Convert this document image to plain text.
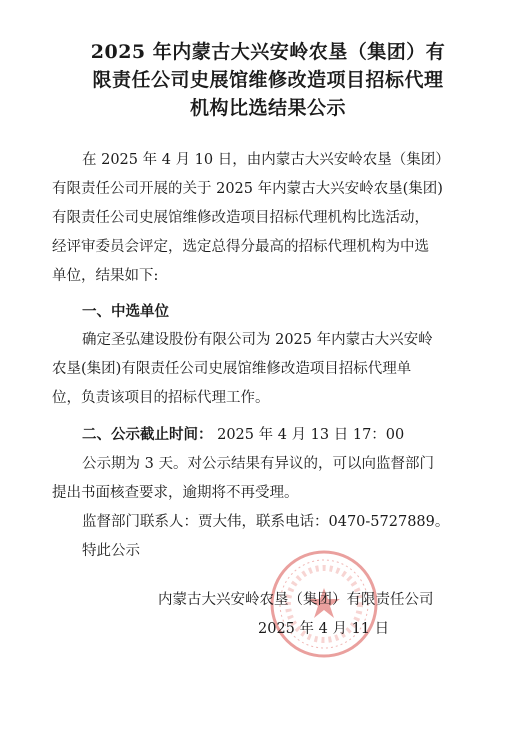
2025 年内蒙古大兴安岭农垦（集团）有
限责任公司史展馆维修改造项目招标代理
机构比选结果公示
在 2025 年 4 月 10 日，由内蒙古大兴安岭农垦（集团）
有限责任公司开展的关于 2025 年内蒙古大兴安岭农垦(集团)
有限责任公司史展馆维修改造项目招标代理机构比选活动，
经评审委员会评定，选定总得分最高的招标代理机构为中选
单位，结果如下:
一、中选单位
确定圣弘建设股份有限公司为 2025 年内蒙古大兴安岭
农垦(集团)有限责任公司史展馆维修改造项目招标代理单
位，负责该项目的招标代理工作。
二、公示截止时间： 2025 年 4 月 13 日 17：00
公示期为 3 天。对公示结果有异议的，可以向监督部门
提出书面核查要求，逾期将不再受理。
监督部门联系人：贾大伟，联系电话：0470-5727889。
特此公示
内蒙古大兴安岭农垦（集团）有限责任公司
2025 年 4 月 11 日
